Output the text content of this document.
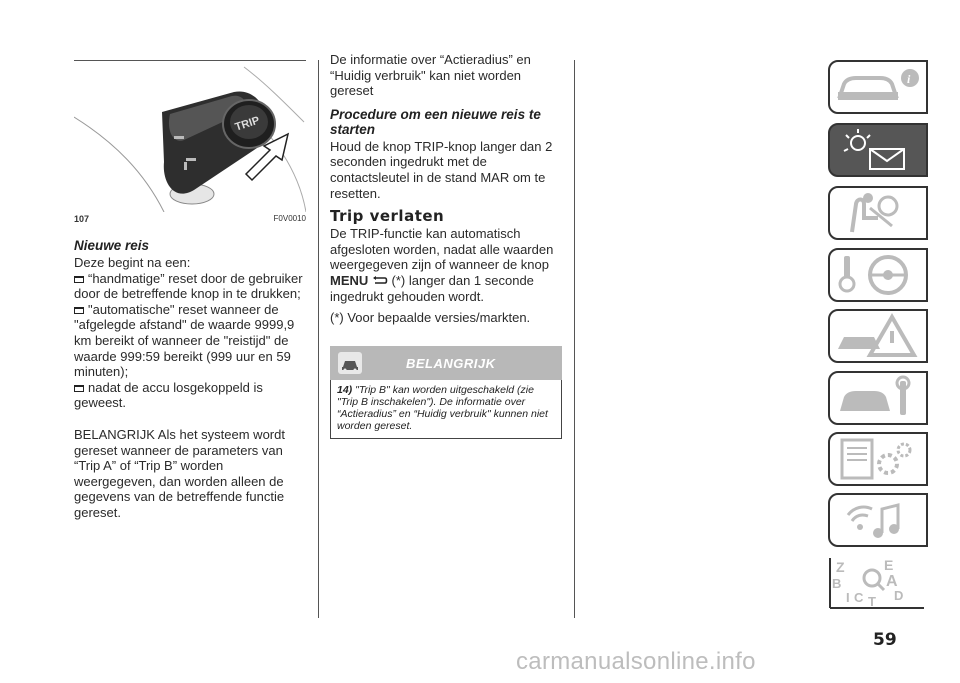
TRIP
107	F0V0010
Nieuwe reis

Deze begint na een:

“handmatige” reset door de gebruiker door de betreffende knop in te drukken;

"automatische" reset wanneer de "afgelegde afstand" de waarde 9999,9 km bereikt of wanneer de "reistijd" de waarde 999:59 bereikt (999 uur en 59 minuten);

nadat de accu losgekoppeld is geweest.

BELANGRIJK Als het systeem wordt gereset wanneer de parameters van “Trip A” of “Trip B” worden weergegeven, dan worden alleen de gegevens van de betreffende functie gereset.

De informatie over “Actieradius” en “Huidig verbruik" kan niet worden gereset

Procedure om een nieuwe reis te starten

Houd de knop TRIP-knop langer dan 2 seconden ingedrukt met de contactsleutel in de stand MAR om te resetten.

Trip verlaten

De TRIP-functie kan automatisch afgesloten worden, nadat alle waarden weergegeven zijn of wanneer de knop MENU (*) langer dan 1 seconde ingedrukt gehouden wordt.

(*) Voor bepaalde versies/markten.

BELANGRIJK
14) "Trip B" kan worden uitgeschakeld (zie "Trip B inschakelen"). De informatie over “Actieradius” en “Huidig verbruik" kunnen niet worden gereset.
i
Z	E
B	A
I C T D
59
carmanualsonline.info
